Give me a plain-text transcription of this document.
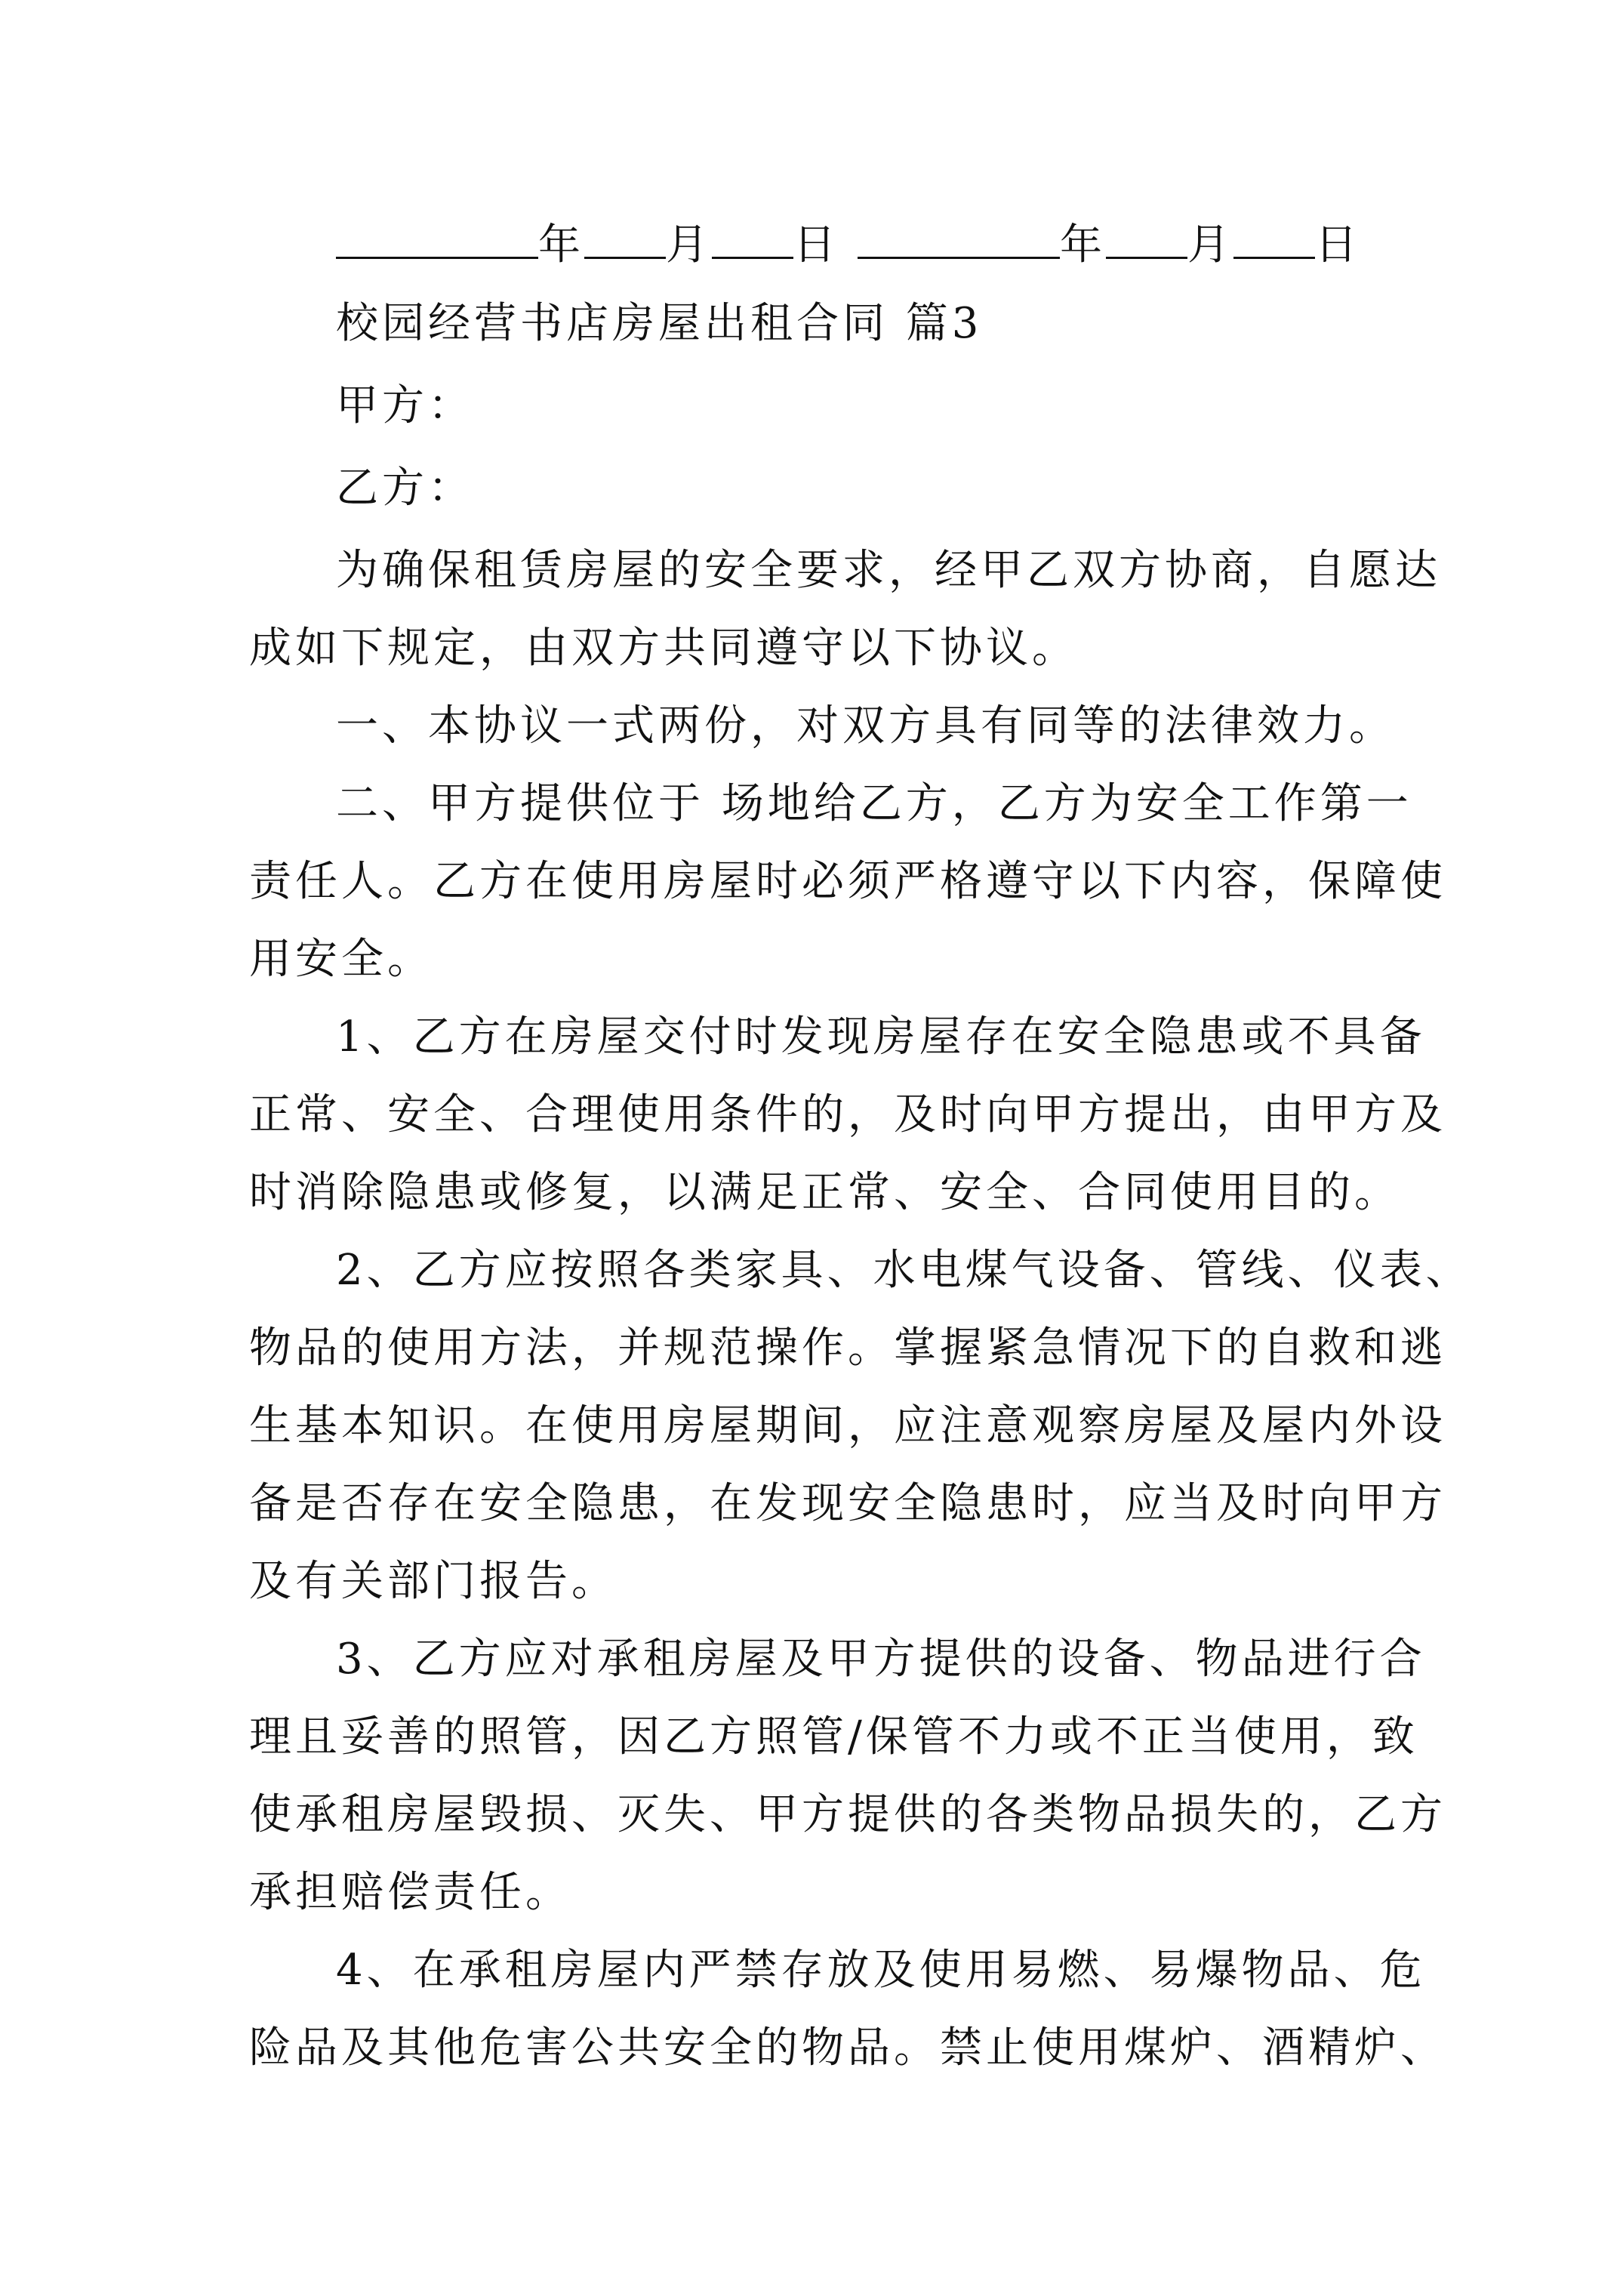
年 月 日	年 月 日
校园经营书店房屋出租合同 篇3
甲方：
乙方：
为确保租赁房屋的安全要求，经甲乙双方协商，自愿达
成如下规定，由双方共同遵守以下协议。
一、本协议一式两份，对双方具有同等的法律效力。
二、甲方提供位于 场地给乙方，乙方为安全工作第一
责任人。乙方在使用房屋时必须严格遵守以下内容，保障使
用安全。
1、乙方在房屋交付时发现房屋存在安全隐患或不具备
正常、安全、合理使用条件的，及时向甲方提出，由甲方及
时消除隐患或修复，以满足正常、安全、合同使用目的。
2、乙方应按照各类家具、水电煤气设备、管线、仪表、
物品的使用方法，并规范操作。掌握紧急情况下的自救和逃
生基本知识。在使用房屋期间，应注意观察房屋及屋内外设
备是否存在安全隐患，在发现安全隐患时，应当及时向甲方
及有关部门报告。
3、乙方应对承租房屋及甲方提供的设备、物品进行合
理且妥善的照管，因乙方照管/保管不力或不正当使用，致
使承租房屋毁损、灭失、甲方提供的各类物品损失的，乙方
承担赔偿责任。
4、在承租房屋内严禁存放及使用易燃、易爆物品、危
险品及其他危害公共安全的物品。禁止使用煤炉、酒精炉、
